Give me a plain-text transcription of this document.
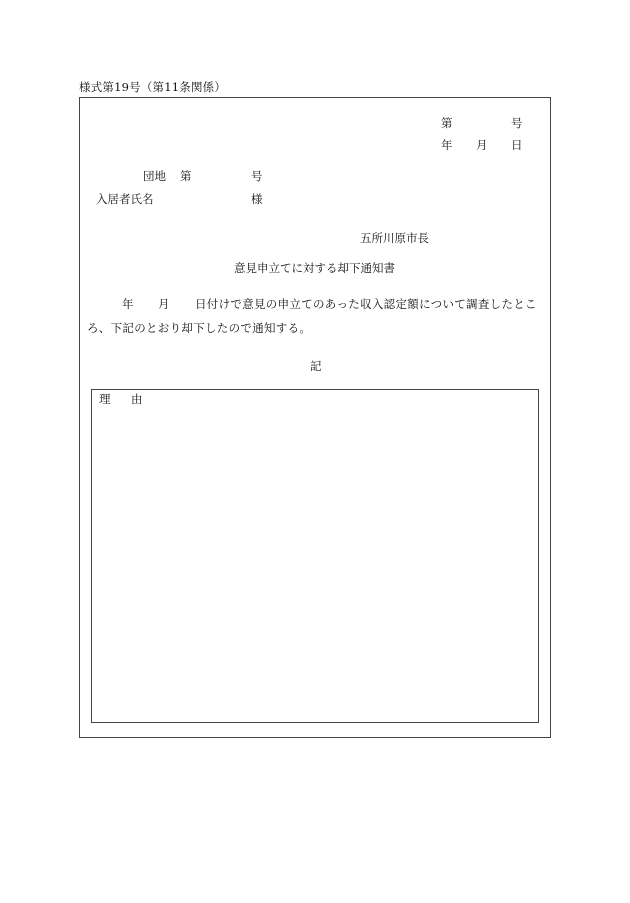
様式第19号（第11条関係）
第	号
年 月 日
団地 第	号
入居者氏名	様
五所川原市長
意見申立てに対する却下通知書
年 月 日付けで意見の申立てのあった収入認定額について調査したとこ
ろ、下記のとおり却下したので通知する。
記
理 由
